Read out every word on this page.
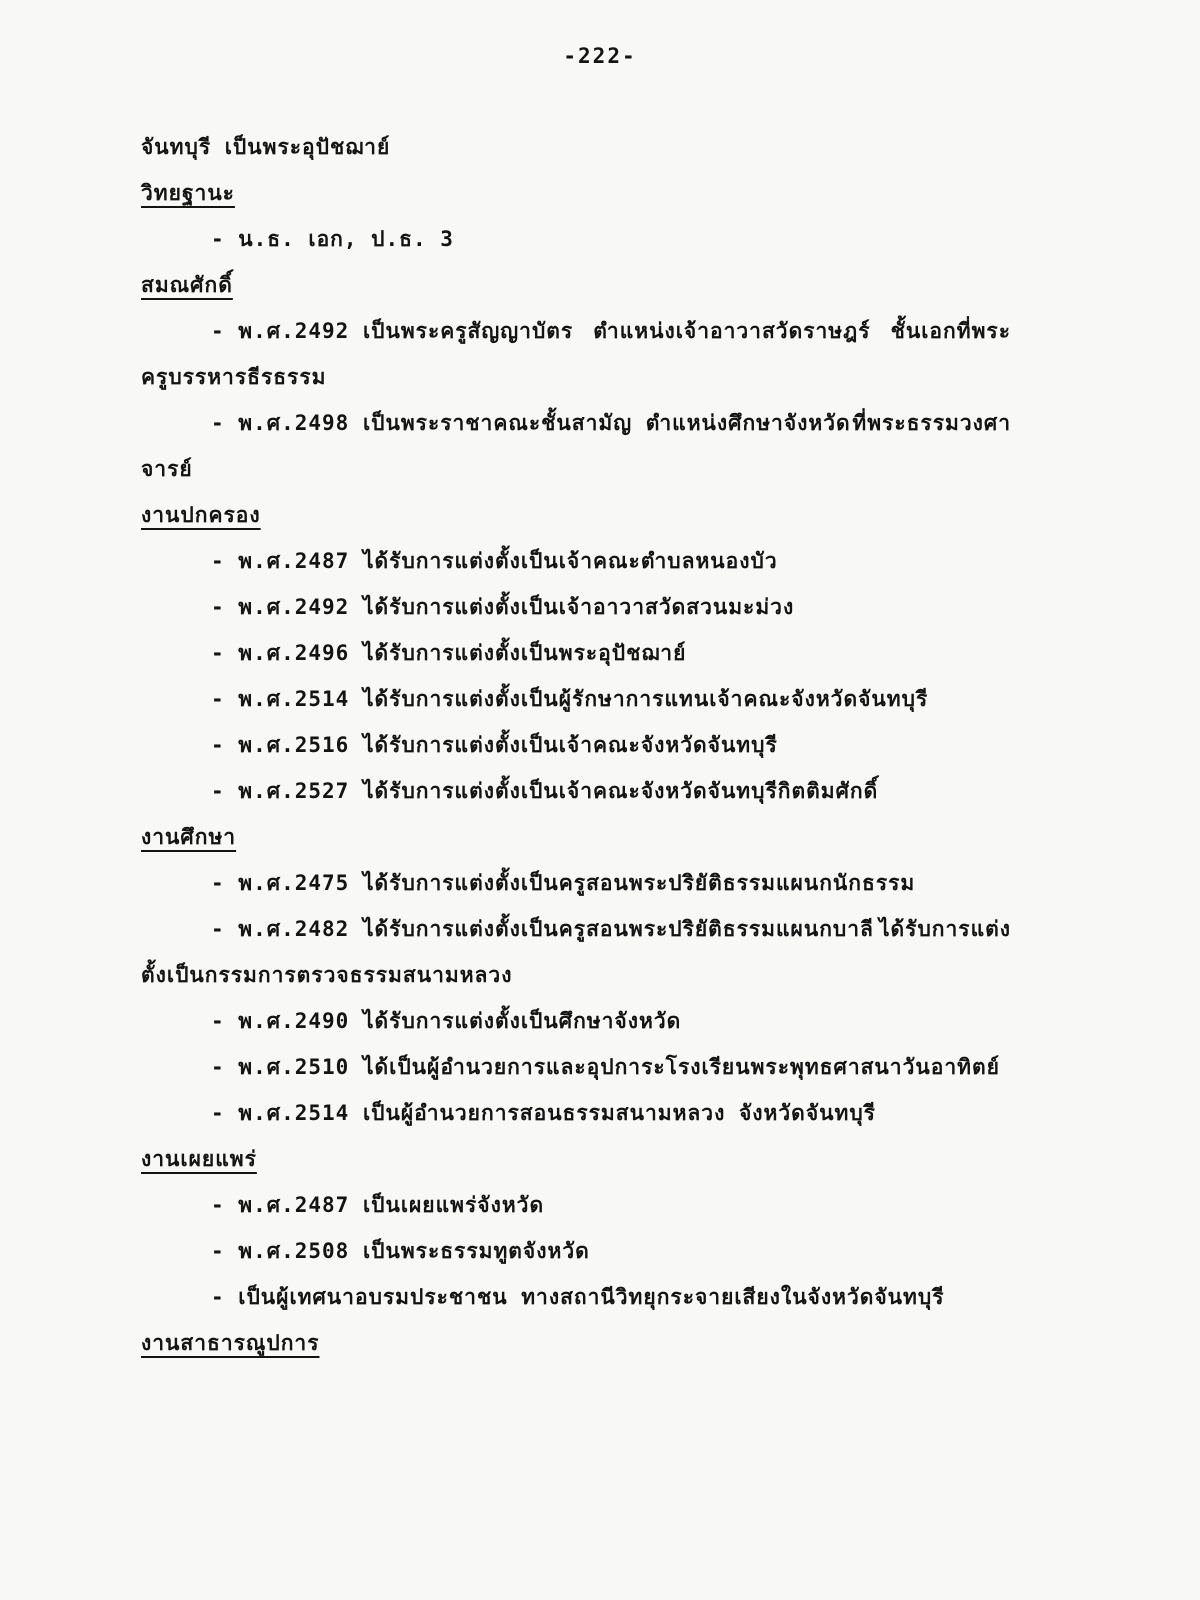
-222-
จันทบุรี เป็นพระอุปัชฌาย์
วิทยฐานะ
- น.ธ. เอก, ป.ธ. 3
สมณศักดิ์
- พ.ศ.2492 เป็นพระครูสัญญาบัตร ตำแหน่งเจ้าอาวาสวัดราษฎร์ ชั้นเอกที่พระ
ครูบรรหารธีรธรรม
- พ.ศ.2498 เป็นพระราชาคณะชั้นสามัญ ตำแหน่งศึกษาจังหวัด ที่พระธรรมวงศา
จารย์
งานปกครอง
- พ.ศ.2487 ได้รับการแต่งตั้งเป็นเจ้าคณะตำบลหนองบัว
- พ.ศ.2492 ได้รับการแต่งตั้งเป็นเจ้าอาวาสวัดสวนมะม่วง
- พ.ศ.2496 ได้รับการแต่งตั้งเป็นพระอุปัชฌาย์
- พ.ศ.2514 ได้รับการแต่งตั้งเป็นผู้รักษาการแทนเจ้าคณะจังหวัดจันทบุรี
- พ.ศ.2516 ได้รับการแต่งตั้งเป็นเจ้าคณะจังหวัดจันทบุรี
- พ.ศ.2527 ได้รับการแต่งตั้งเป็นเจ้าคณะจังหวัดจันทบุรีกิตติมศักดิ์
งานศึกษา
- พ.ศ.2475 ได้รับการแต่งตั้งเป็นครูสอนพระปริยัติธรรมแผนกนักธรรม
- พ.ศ.2482 ได้รับการแต่งตั้งเป็นครูสอนพระปริยัติธรรมแผนกบาลี ได้รับการแต่ง
ตั้งเป็นกรรมการตรวจธรรมสนามหลวง
- พ.ศ.2490 ได้รับการแต่งตั้งเป็นศึกษาจังหวัด
- พ.ศ.2510 ได้เป็นผู้อำนวยการและอุปการะโรงเรียนพระพุทธศาสนาวันอาทิตย์
- พ.ศ.2514 เป็นผู้อำนวยการสอนธรรมสนามหลวง จังหวัดจันทบุรี
งานเผยแพร่
- พ.ศ.2487 เป็นเผยแพร่จังหวัด
- พ.ศ.2508 เป็นพระธรรมทูตจังหวัด
- เป็นผู้เทศนาอบรมประชาชน ทางสถานีวิทยุกระจายเสียงในจังหวัดจันทบุรี
งานสาธารณูปการ
